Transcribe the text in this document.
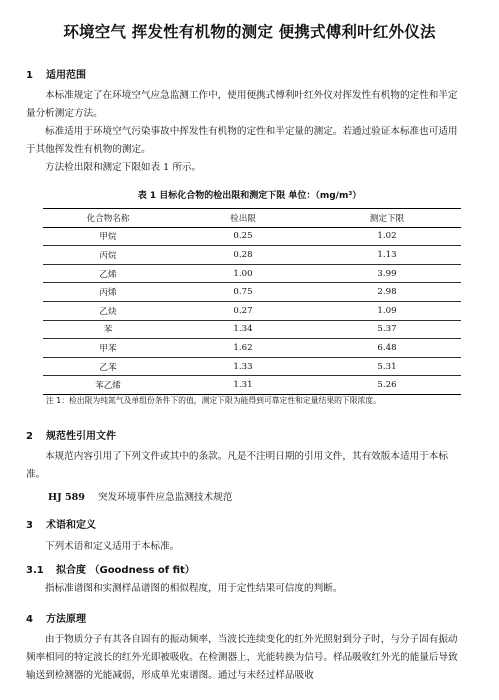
环境空气 挥发性有机物的测定 便携式傅利叶红外仪法
1 适用范围
本标准规定了在环境空气应急监测工作中，使用便携式傅利叶红外仪对挥发性有机物的定性和半定量分析测定方法。
标准适用于环境空气污染事故中挥发性有机物的定性和半定量的测定。若通过验证本标准也可适用于其他挥发性有机物的测定。
方法检出限和测定下限如表 1 所示。
表 1 目标化合物的检出限和测定下限 单位：（mg/m³）
化合物名称	检出限	测定下限
甲烷	0.25	1.02
丙烷	0.28	1.13
乙烯	1.00	3.99
丙烯	0.75	2.98
乙炔	0.27	1.09
苯	1.34	5.37
甲苯	1.62	6.48
乙苯	1.33	5.31
苯乙烯	1.31	5.26
注 1：检出限为纯氮气及单组份条件下的值，测定下限为能得到可靠定性和定量结果的下限浓度。
2 规范性引用文件
本规范内容引用了下列文件或其中的条款。凡是不注明日期的引用文件，其有效版本适用于本标准。
HJ 589 突发环境事件应急监测技术规范
3 术语和定义
下列术语和定义适用于本标准。
3.1 拟合度 （Goodness of fit）
指标准谱图和实测样品谱图的相似程度，用于定性结果可信度的判断。
4 方法原理
由于物质分子有其各自固有的振动频率，当波长连续变化的红外光照射到分子时，与分子固有振动频率相同的特定波长的红外光即被吸收。在检测器上，光能转换为信号。样品吸收红外光的能量后导致输送到检测器的光能减弱，形成单光束谱图。通过与未经过样品吸收
